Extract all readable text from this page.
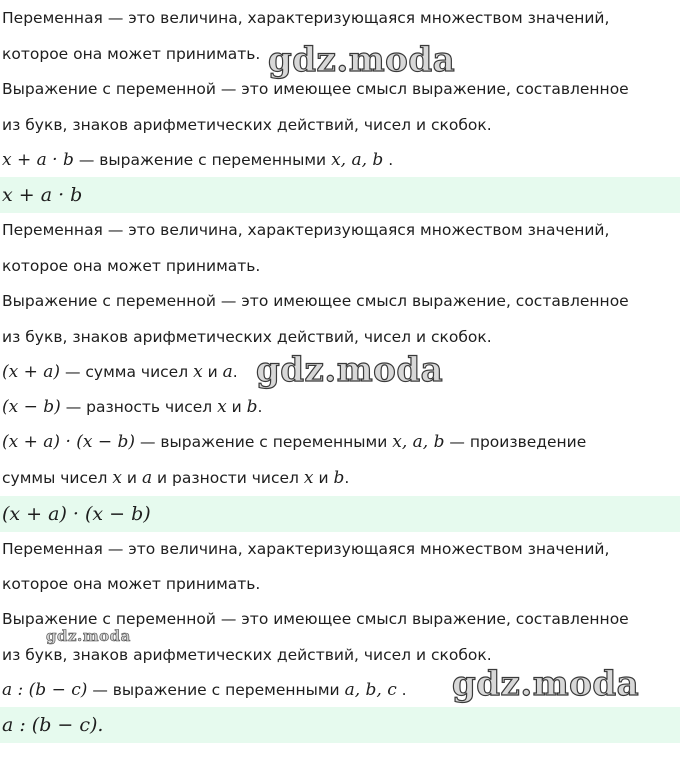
Переменная — это величина, характеризующаяся множеством значений,
которое она может принимать.
Выражение с переменной — это имеющее смысл выражение, составленное
из букв, знаков арифметических действий, чисел и скобок.
x + a · b — выражение с переменными x, a, b .
x + a · b
Переменная — это величина, характеризующаяся множеством значений,
которое она может принимать.
Выражение с переменной — это имеющее смысл выражение, составленное
из букв, знаков арифметических действий, чисел и скобок.
(x + a) — сумма чисел x и a.
(x − b) — разность чисел x и b.
(x + a) · (x − b) — выражение с переменными x, a, b — произведение
суммы чисел x и a и разности чисел x и b.
(x + a) · (x − b)
Переменная — это величина, характеризующаяся множеством значений,
которое она может принимать.
Выражение с переменной — это имеющее смысл выражение, составленное
из букв, знаков арифметических действий, чисел и скобок.
a : (b − c) — выражение с переменными a, b, c .
a : (b − c).
gdz.moda
gdz.moda
gdz.moda
gdz.moda
